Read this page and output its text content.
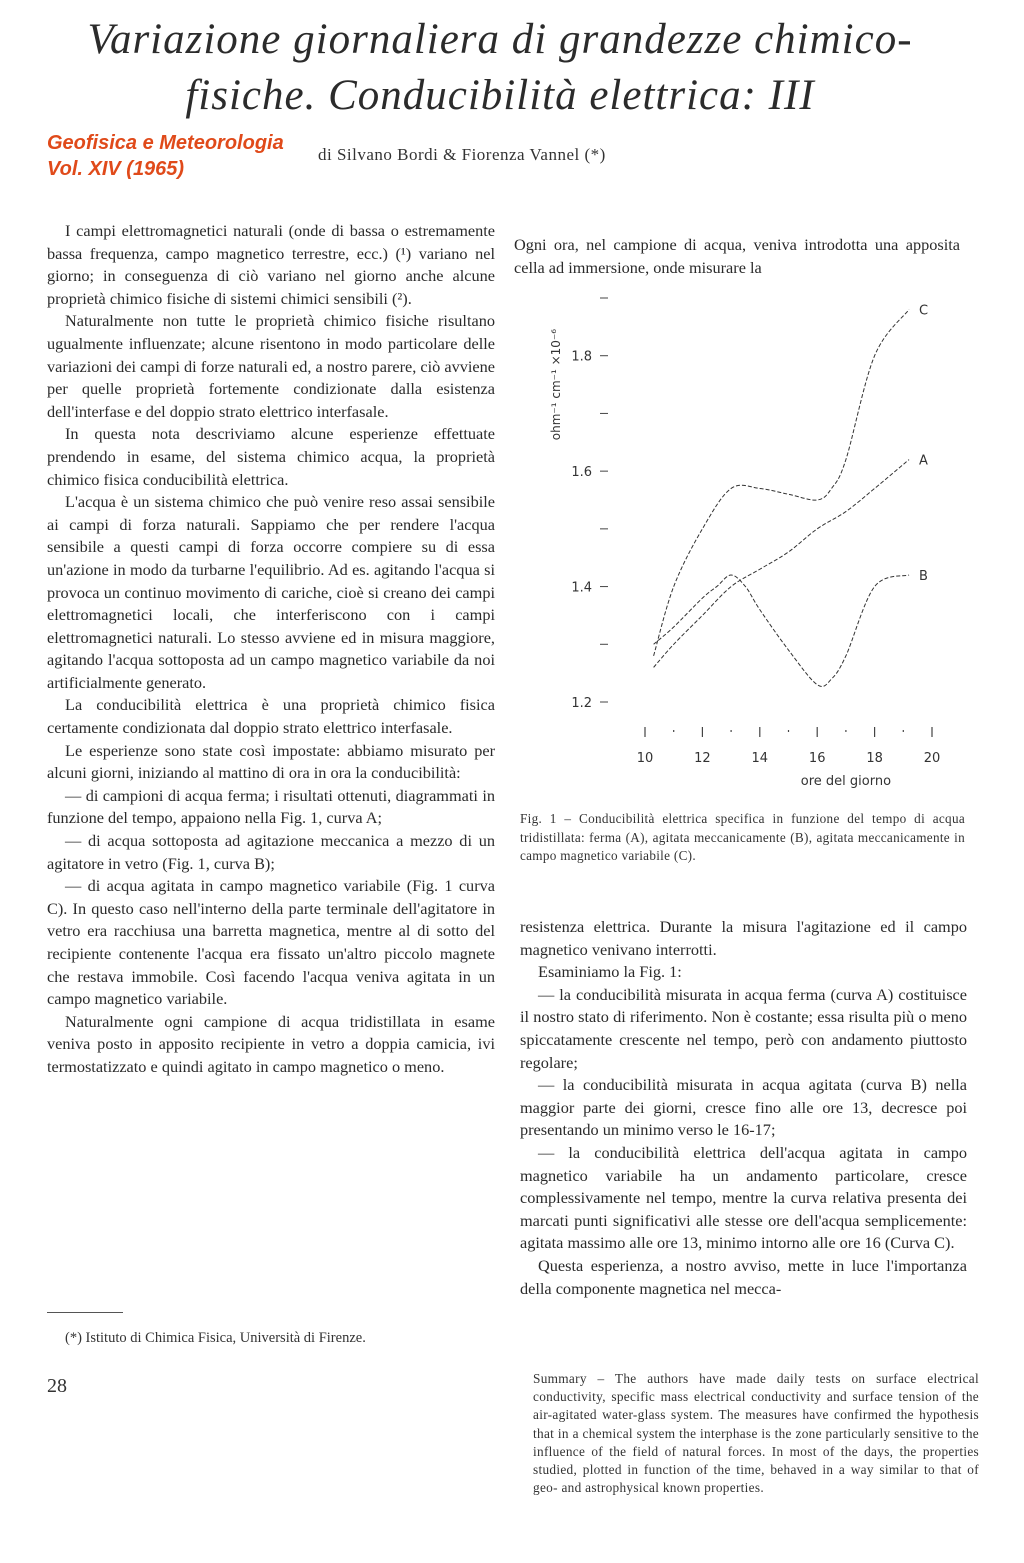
Variazione giornaliera di grandezze chimico-
fisiche. Conducibilità elettrica: III
Geofisica e Meteorologia
Vol. XIV (1965)
di Silvano Bordi & Fiorenza Vannel (*)

I campi elettromagnetici naturali (onde di bassa o estremamente bassa frequenza, campo magnetico terrestre, ecc.) (¹) variano nel giorno; in conseguenza di ciò variano nel giorno anche alcune proprietà chimico fisiche di sistemi chimici sensibili (²).

Naturalmente non tutte le proprietà chimico fisiche risultano ugualmente influenzate; alcune risentono in modo particolare delle variazioni dei campi di forze naturali ed, a nostro parere, ciò avviene per quelle proprietà fortemente condizionate dalla esistenza dell'interfase e del doppio strato elettrico interfasale.

In questa nota descriviamo alcune esperienze effettuate prendendo in esame, del sistema chimico acqua, la proprietà chimico fisica conducibilità elettrica.

L'acqua è un sistema chimico che può venire reso assai sensibile ai campi di forza naturali. Sappiamo che per rendere l'acqua sensibile a questi campi di forza occorre compiere su di essa un'azione in modo da turbarne l'equilibrio. Ad es. agitando l'acqua si provoca un continuo movimento di cariche, cioè si creano dei campi elettromagnetici locali, che interferiscono con i campi elettromagnetici naturali. Lo stesso avviene ed in misura maggiore, agitando l'acqua sottoposta ad un campo magnetico variabile da noi artificialmente generato.

La conducibilità elettrica è una proprietà chimico fisica certamente condizionata dal doppio strato elettrico interfasale.

Le esperienze sono state così impostate: abbiamo misurato per alcuni giorni, iniziando al mattino di ora in ora la conducibilità:

— di campioni di acqua ferma; i risultati ottenuti, diagrammati in funzione del tempo, appaiono nella Fig. 1, curva A;

— di acqua sottoposta ad agitazione meccanica a mezzo di un agitatore in vetro (Fig. 1, curva B);

— di acqua agitata in campo magnetico variabile (Fig. 1 curva C). In questo caso nell'interno della parte terminale dell'agitatore in vetro era racchiusa una barretta magnetica, mentre al di sotto del recipiente contenente l'acqua era fissato un'altro piccolo magnete che restava immobile. Così facendo l'acqua veniva agitata in un campo magnetico variabile.

Naturalmente ogni campione di acqua tridistillata in esame veniva posto in apposito recipiente in vetro a doppia camicia, ivi termostatizzato e quindi agitato in campo magnetico o meno.

(*) Istituto di Chimica Fisica, Università di Firenze.
28

Ogni ora, nel campione di acqua, veniva introdotta una apposita cella ad immersione, onde misurare la

1.2
1.4
1.6
1.8
10	12	14	16	18	20
ore del giorno
ohm⁻¹ cm⁻¹ ×10⁻⁶
A
B
C
Fig. 1 – Conducibilità elettrica specifica in funzione del tempo di acqua tridistillata: ferma (A), agitata meccanicamente (B), agitata meccanicamente in campo magnetico variabile (C).

resistenza elettrica. Durante la misura l'agitazione ed il campo magnetico venivano interrotti.

Esaminiamo la Fig. 1:

— la conducibilità misurata in acqua ferma (curva A) costituisce il nostro stato di riferimento. Non è costante; essa risulta più o meno spiccatamente crescente nel tempo, però con andamento piuttosto regolare;

— la conducibilità misurata in acqua agitata (curva B) nella maggior parte dei giorni, cresce fino alle ore 13, decresce poi presentando un minimo verso le 16-17;

— la conducibilità elettrica dell'acqua agitata in campo magnetico variabile ha un andamento particolare, cresce complessivamente nel tempo, mentre la curva relativa presenta dei marcati punti significativi alle stesse ore dell'acqua semplicemente: agitata massimo alle ore 13, minimo intorno alle ore 16 (Curva C).

Questa esperienza, a nostro avviso, mette in luce l'importanza della componente magnetica nel mecca-

Summary – The authors have made daily tests on surface electrical conductivity, specific mass electrical conductivity and surface tension of the air-agitated water-glass system. The measures have confirmed the hypothesis that in a chemical system the interphase is the zone particularly sensitive to the influence of the field of natural forces. In most of the days, the properties studied, plotted in function of the time, behaved in a way similar to that of geo- and astrophysical known properties.
